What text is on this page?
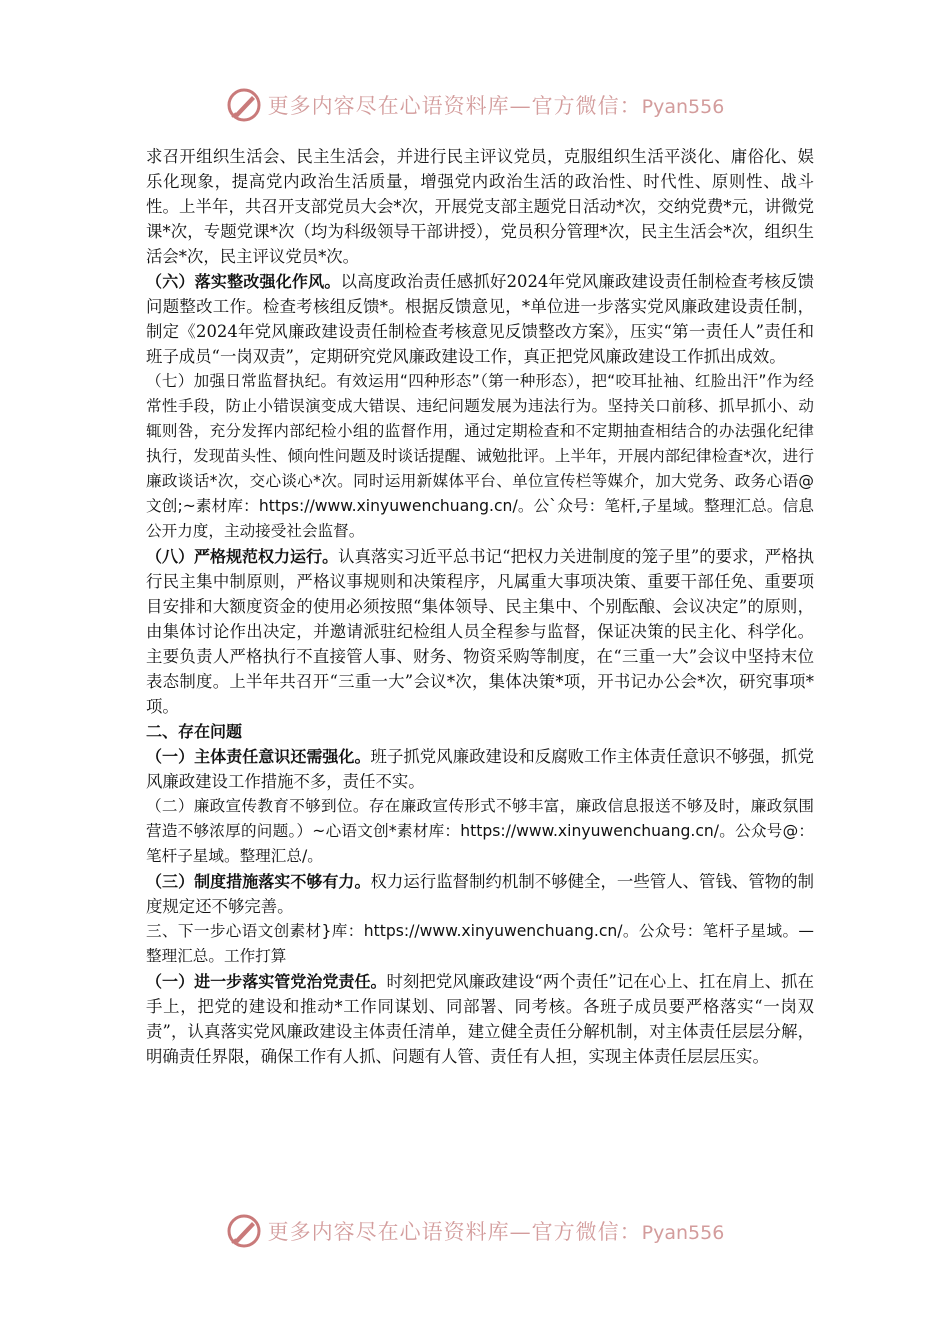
更多内容尽在心语资料库—官方微信：Pyan556

求召开组织生活会、民主生活会，并进行民主评议党员，克服组织生活平淡化、庸俗化、娱乐化现象，提高党内政治生活质量，增强党内政治生活的政治性、时代性、原则性、战斗性。上半年，共召开支部党员大会*次，开展党支部主题党日活动*次，交纳党费*元，讲微党课*次，专题党课*次（均为科级领导干部讲授），党员积分管理*次，民主生活会*次，组织生活会*次，民主评议党员*次。

（六）落实整改强化作风。以高度政治责任感抓好2024年党风廉政建设责任制检查考核反馈问题整改工作。检查考核组反馈*。根据反馈意见，*单位进一步落实党风廉政建设责任制，制定《2024年党风廉政建设责任制检查考核意见反馈整改方案》，压实“第一责任人”责任和班子成员“一岗双责”，定期研究党风廉政建设工作，真正把党风廉政建设工作抓出成效。

（七）加强日常监督执纪。有效运用“四种形态”（第一种形态），把“咬耳扯袖、红脸出汗”作为经常性手段，防止小错误演变成大错误、违纪问题发展为违法行为。坚持关口前移、抓早抓小、动辄则咎，充分发挥内部纪检小组的监督作用，通过定期检查和不定期抽查相结合的办法强化纪律执行，发现苗头性、倾向性问题及时谈话提醒、诫勉批评。上半年，开展内部纪律检查*次，进行廉政谈话*次，交心谈心*次。同时运用新媒体平台、单位宣传栏等媒介，加大党务、政务心语@文创;~素材库：https://www.xinyuwenchuang.cn/。公`众号：笔杆,子星域。整理汇总。信息公开力度，主动接受社会监督。

（八）严格规范权力运行。认真落实习近平总书记“把权力关进制度的笼子里”的要求，严格执行民主集中制原则，严格议事规则和决策程序，凡属重大事项决策、重要干部任免、重要项目安排和大额度资金的使用必须按照“集体领导、民主集中、个别酝酿、会议决定”的原则，由集体讨论作出决定，并邀请派驻纪检组人员全程参与监督，保证决策的民主化、科学化。主要负责人严格执行不直接管人事、财务、物资采购等制度，在“三重一大”会议中坚持末位表态制度。上半年共召开“三重一大”会议*次，集体决策*项，开书记办公会*次，研究事项*项。

二、存在问题

（一）主体责任意识还需强化。班子抓党风廉政建设和反腐败工作主体责任意识不够强，抓党风廉政建设工作措施不多，责任不实。

（二）廉政宣传教育不够到位。存在廉政宣传形式不够丰富，廉政信息报送不够及时，廉政氛围营造不够浓厚的问题。）~心语文创*素材库：https://www.xinyuwenchuang.cn/。公众号@：笔杆子星域。整理汇总/。

（三）制度措施落实不够有力。权力运行监督制约机制不够健全，一些管人、管钱、管物的制度规定还不够完善。

三、下一步心语文创素材}库：https://www.xinyuwenchuang.cn/。公众号：笔杆子星域。—整理汇总。工作打算

（一）进一步落实管党治党责任。时刻把党风廉政建设“两个责任”记在心上、扛在肩上、抓在手上，把党的建设和推动*工作同谋划、同部署、同考核。各班子成员要严格落实“一岗双责”，认真落实党风廉政建设主体责任清单，建立健全责任分解机制，对主体责任层层分解，明确责任界限，确保工作有人抓、问题有人管、责任有人担，实现主体责任层层压实。

更多内容尽在心语资料库—官方微信：Pyan556
